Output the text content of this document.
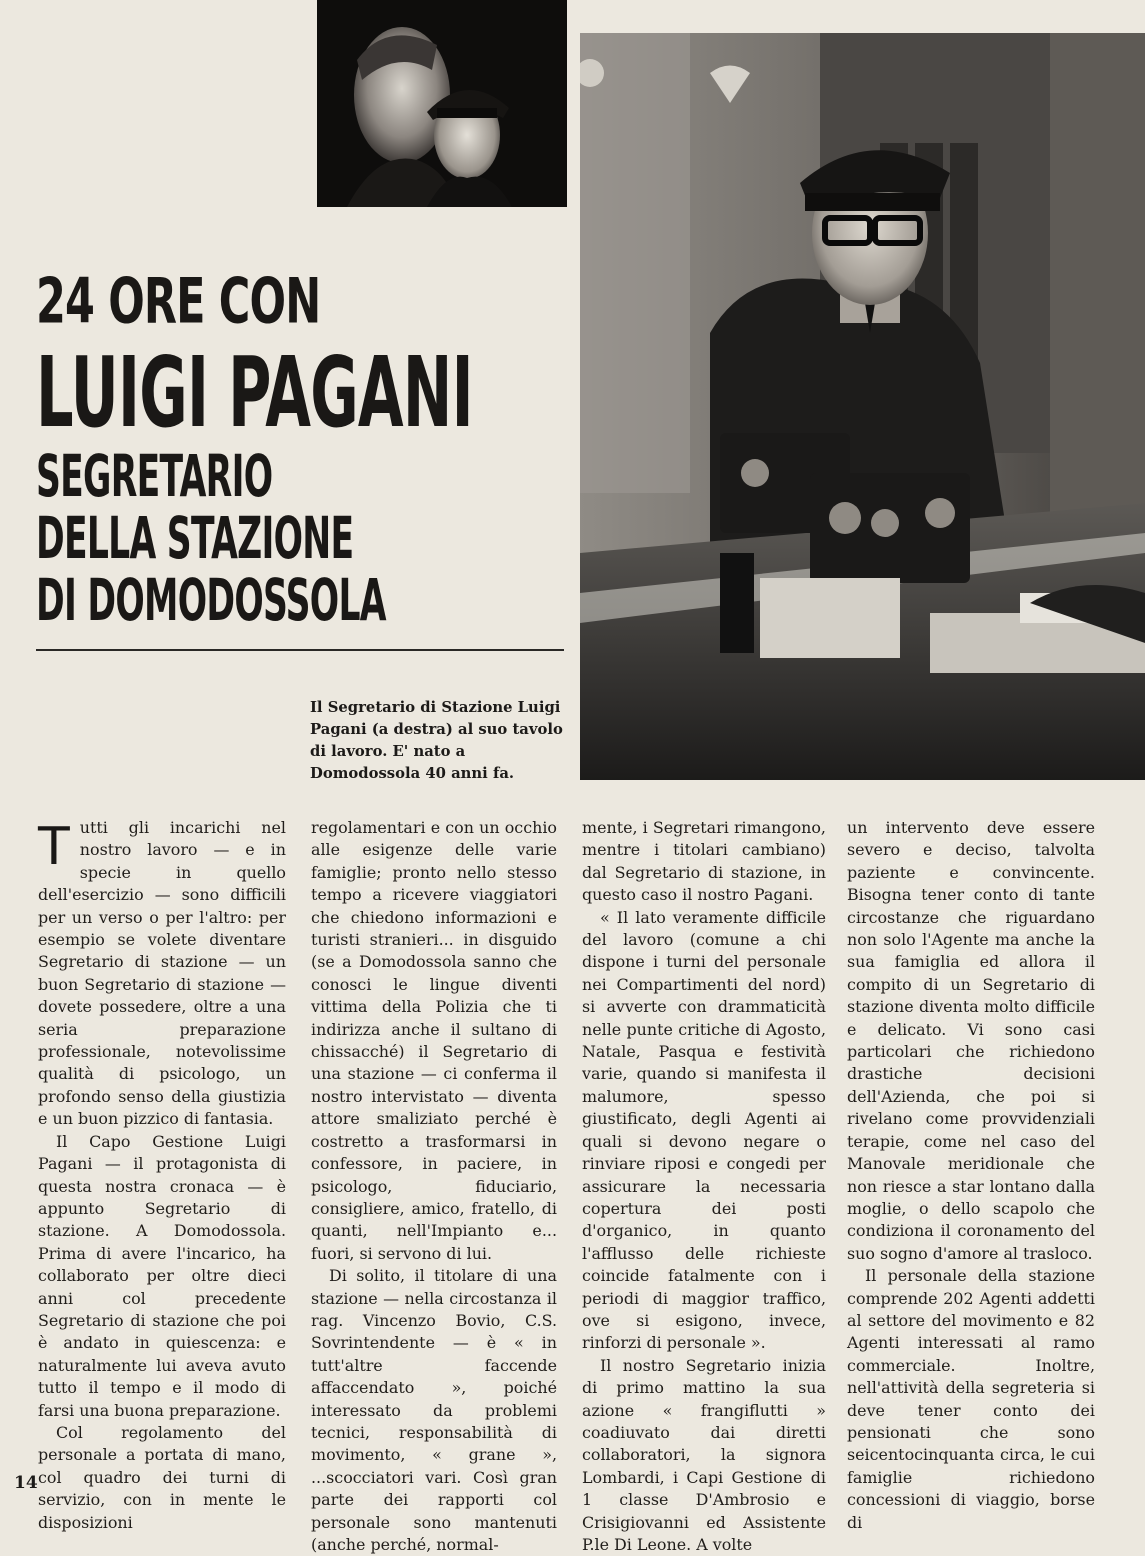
24 ORE CON
LUIGI PAGANI
SEGRETARIO
DELLA STAZIONE
DI DOMODOSSOLA
Il Segretario di Stazione Luigi Pagani (a destra) al suo tavolo di lavoro. E' nato a Domodossola 40 anni fa.

Tutti gli incarichi nel nostro lavoro — e in specie in quello dell'esercizio — sono difficili per un verso o per l'altro: per esempio se volete diventare Segretario di stazione — un buon Segretario di stazione — dovete possedere, oltre a una seria preparazione professionale, notevolissime qualità di psicologo, un profondo senso della giustizia e un buon pizzico di fantasia.

Il Capo Gestione Luigi Pagani — il protagonista di questa nostra cronaca — è appunto Segretario di stazione. A Domodossola. Prima di avere l'incarico, ha collaborato per oltre dieci anni col precedente Segretario di stazione che poi è andato in quiescenza: e naturalmente lui aveva avuto tutto il tempo e il modo di farsi una buona preparazione.

Col regolamento del personale a portata di mano, col quadro dei turni di servizio, con in mente le disposizioni

regolamentari e con un occhio alle esigenze delle varie famiglie; pronto nello stesso tempo a ricevere viaggiatori che chiedono informazioni e turisti stranieri... in disguido (se a Domodossola sanno che conosci le lingue diventi vittima della Polizia che ti indirizza anche il sultano di chissacché) il Segretario di una stazione — ci conferma il nostro intervistato — diventa attore smaliziato perché è costretto a trasformarsi in confessore, in paciere, in psicologo, fiduciario, consigliere, amico, fratello, di quanti, nell'Impianto e... fuori, si servono di lui.

Di solito, il titolare di una stazione — nella circostanza il rag. Vincenzo Bovio, C.S. Sovrintendente — è « in tutt'altre faccende affaccendato », poiché interessato da problemi tecnici, responsabilità di movimento, « grane », ...scocciatori vari. Così gran parte dei rapporti col personale sono mantenuti (anche perché, normal-

mente, i Segretari rimangono, mentre i titolari cambiano) dal Segretario di stazione, in questo caso il nostro Pagani.

« Il lato veramente difficile del lavoro (comune a chi dispone i turni del personale nei Compartimenti del nord) si avverte con drammaticità nelle punte critiche di Agosto, Natale, Pasqua e festività varie, quando si manifesta il malumore, spesso giustificato, degli Agenti ai quali si devono negare o rinviare riposi e congedi per assicurare la necessaria copertura dei posti d'organico, in quanto l'afflusso delle richieste coincide fatalmente con i periodi di maggior traffico, ove si esigono, invece, rinforzi di personale ».

Il nostro Segretario inizia di primo mattino la sua azione « frangiflutti » coadiuvato dai diretti collaboratori, la signora Lombardi, i Capi Gestione di 1 classe D'Ambrosio e Crisigiovanni ed Assistente P.le Di Leone. A volte

un intervento deve essere severo e deciso, talvolta paziente e convincente. Bisogna tener conto di tante circostanze che riguardano non solo l'Agente ma anche la sua famiglia ed allora il compito di un Segretario di stazione diventa molto difficile e delicato. Vi sono casi particolari che richiedono drastiche decisioni dell'Azienda, che poi si rivelano come provvidenziali terapie, come nel caso del Manovale meridionale che non riesce a star lontano dalla moglie, o dello scapolo che condiziona il coronamento del suo sogno d'amore al trasloco.

Il personale della stazione comprende 202 Agenti addetti al settore del movimento e 82 Agenti interessati al ramo commerciale. Inoltre, nell'attività della segreteria si deve tener conto dei pensionati che sono seicentocinquanta circa, le cui famiglie richiedono concessioni di viaggio, borse di

14
